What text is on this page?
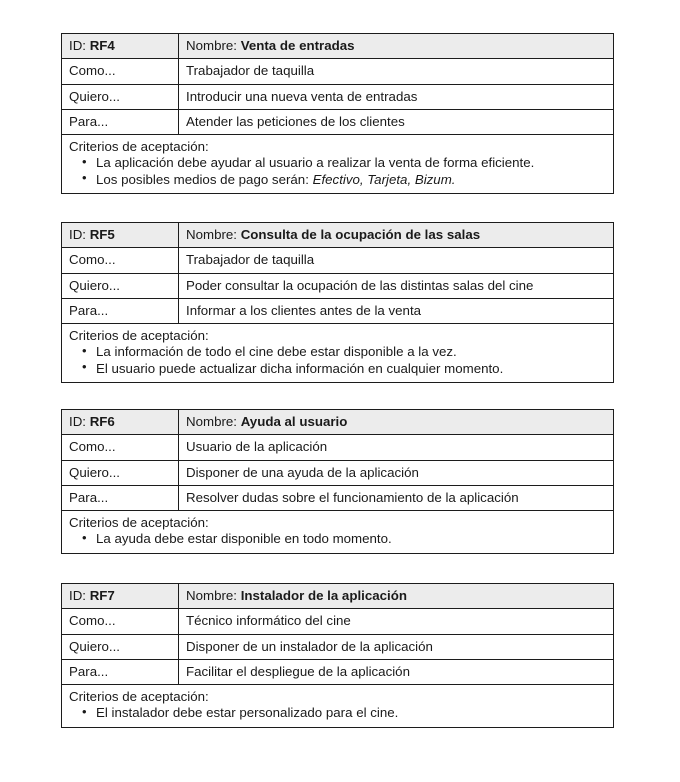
ID: RF4	Nombre: Venta de entradas
Como...	Trabajador de taquilla
Quiero...	Introducir una nueva venta de entradas
Para...	Atender las peticiones de los clientes

Criterios de aceptación:
• La aplicación debe ayudar al usuario a realizar la venta de forma eficiente.
• Los posibles medios de pago serán: Efectivo, Tarjeta, Bizum.
ID: RF5	Nombre: Consulta de la ocupación de las salas
Como...	Trabajador de taquilla
Quiero...	Poder consultar la ocupación de las distintas salas del cine
Para...	Informar a los clientes antes de la venta

Criterios de aceptación:
• La información de todo el cine debe estar disponible a la vez.
• El usuario puede actualizar dicha información en cualquier momento.
ID: RF6	Nombre: Ayuda al usuario
Como...	Usuario de la aplicación
Quiero...	Disponer de una ayuda de la aplicación
Para...	Resolver dudas sobre el funcionamiento de la aplicación

Criterios de aceptación:
• La ayuda debe estar disponible en todo momento.
ID: RF7	Nombre: Instalador de la aplicación
Como...	Técnico informático del cine
Quiero...	Disponer de un instalador de la aplicación
Para...	Facilitar el despliegue de la aplicación

Criterios de aceptación:
• El instalador debe estar personalizado para el cine.
